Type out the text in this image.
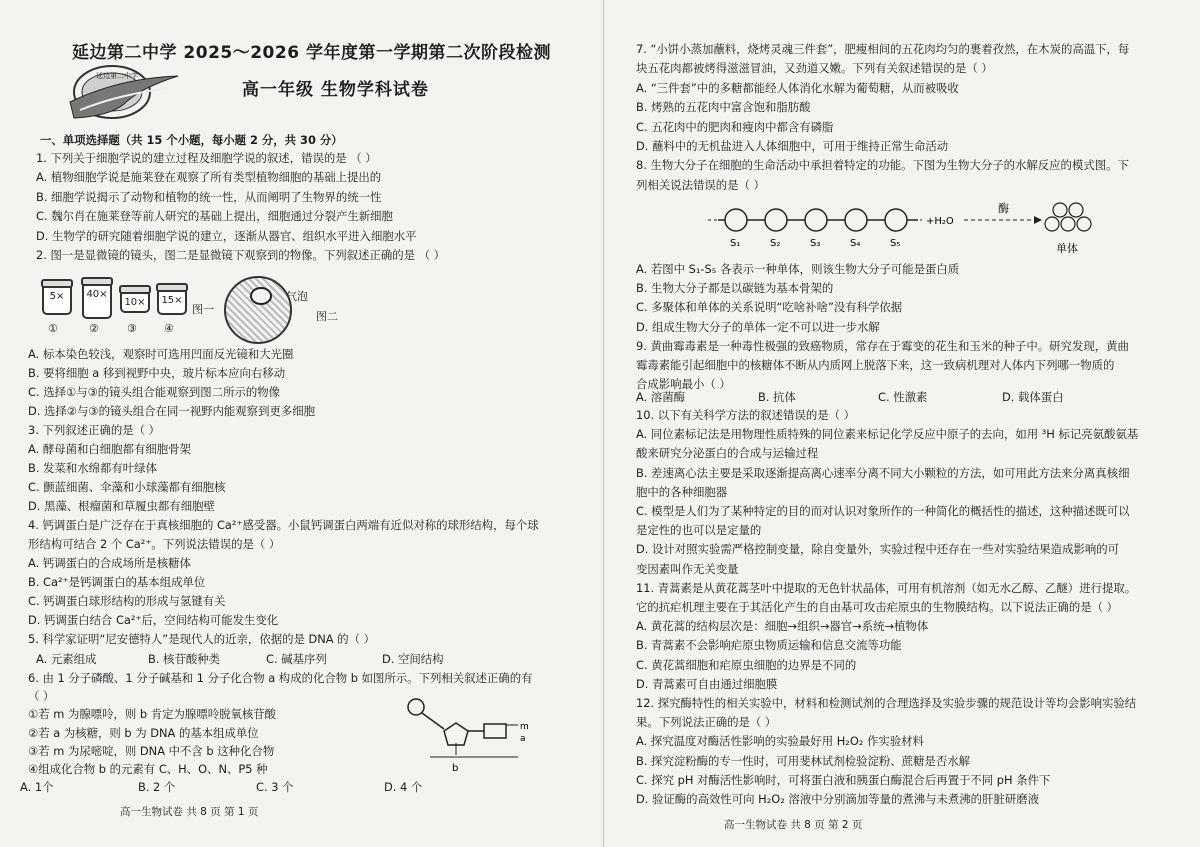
延边第二中学
延边第二中学 2025～2026 学年度第一学期第二次阶段检测
高一年级 生物学科试卷
一、单项选择题（共 15 个小题，每小题 2 分，共 30 分）
1. 下列关于细胞学说的建立过程及细胞学说的叙述，错误的是 （ ）
A. 植物细胞学说是施莱登在观察了所有类型植物细胞的基础上提出的
B. 细胞学说揭示了动物和植物的统一性，从而阐明了生物界的统一性
C. 魏尔肖在施莱登等前人研究的基础上提出，细胞通过分裂产生新细胞
D. 生物学的研究随着细胞学说的建立，逐渐从器官、组织水平进入细胞水平
2. 图一是显微镜的镜头，图二是显微镜下观察到的物像。下列叙述正确的是 （ ）
5×	40×
10×	15×
①	②	③ ④
图一
气泡
图二
A. 标本染色较浅，观察时可选用凹面反光镜和大光圈
B. 要将细胞 a 移到视野中央，玻片标本应向右移动
C. 选择①与③的镜头组合能观察到图二所示的物像
D. 选择②与③的镜头组合在同一视野内能观察到更多细胞
3. 下列叙述正确的是（ ）
A. 酵母菌和白细胞都有细胞骨架
B. 发菜和水绵都有叶绿体
C. 颤蓝细菌、伞藻和小球藻都有细胞核
D. 黑藻、根瘤菌和草履虫都有细胞壁
4. 钙调蛋白是广泛存在于真核细胞的 Ca²⁺感受器。小鼠钙调蛋白两端有近似对称的球形结构，每个球
形结构可结合 2 个 Ca²⁺。下列说法错误的是（ ）
A. 钙调蛋白的合成场所是核糖体
B. Ca²⁺是钙调蛋白的基本组成单位
C. 钙调蛋白球形结构的形成与氢键有关
D. 钙调蛋白结合 Ca²⁺后，空间结构可能发生变化
5. 科学家证明“尼安德特人”是现代人的近亲，依据的是 DNA 的（ ）
A. 元素组成	B. 核苷酸种类	C. 碱基序列	D. 空间结构
6. 由 1 分子磷酸、1 分子碱基和 1 分子化合物 a 构成的化合物 b 如图所示。下列相关叙述正确的有
（ ）
①若 m 为腺嘌呤，则 b 肯定为腺嘌呤脱氧核苷酸
②若 a 为核糖，则 b 为 DNA 的基本组成单位
③若 m 为尿嘧啶，则 DNA 中不含 b 这种化合物
④组成化合物 b 的元素有 C、H、O、N、P5 种
m
a
b
A. 1个	B. 2 个	C. 3 个	D. 4 个
高一生物试卷 共 8 页 第 1 页
7. “小饼小蒸加蘸料，烧烤灵魂三件套”，肥瘦相间的五花肉均匀的裹着孜然，在木炭的高温下，每
块五花肉都被烤得滋滋冒油，又劲道又嫩。下列有关叙述错误的是（ ）
A. “三件套”中的多糖都能经人体消化水解为葡萄糖，从而被吸收
B. 烤熟的五花肉中富含饱和脂肪酸
C. 五花肉中的肥肉和瘦肉中都含有磷脂
D. 蘸料中的无机盐进入人体细胞中，可用于维持正常生命活动
8. 生物大分子在细胞的生命活动中承担着特定的功能。下图为生物大分子的水解反应的模式图。下
列相关说法错误的是（ ）
S₁	S₂	S₃	S₄	S₅
+H₂O
酶
单体
A. 若图中 S₁-S₅ 各表示一种单体，则该生物大分子可能是蛋白质
B. 生物大分子都是以碳链为基本骨架的
C. 多聚体和单体的关系说明“吃啥补啥”没有科学依据
D. 组成生物大分子的单体一定不可以进一步水解
9. 黄曲霉毒素是一种毒性极强的致癌物质，常存在于霉变的花生和玉米的种子中。研究发现，黄曲
霉毒素能引起细胞中的核糖体不断从内质网上脱落下来，这一致病机理对人体内下列哪一物质的
合成影响最小（ ）
A. 溶菌酶	B. 抗体	C. 性激素	D. 载体蛋白
10. 以下有关科学方法的叙述错误的是（ ）
A. 同位素标记法是用物理性质特殊的同位素来标记化学反应中原子的去向，如用 ³H 标记亮氨酸氨基
酸来研究分泌蛋白的合成与运输过程
B. 差速离心法主要是采取逐渐提高离心速率分离不同大小颗粒的方法，如可用此方法来分离真核细
胞中的各种细胞器
C. 模型是人们为了某种特定的目的而对认识对象所作的一种简化的概括性的描述，这种描述既可以
是定性的也可以是定量的
D. 设计对照实验需严格控制变量，除自变量外，实验过程中还存在一些对实验结果造成影响的可
变因素叫作无关变量
11. 青蒿素是从黄花蒿茎叶中提取的无色针状晶体，可用有机溶剂（如无水乙醇、乙醚）进行提取。
它的抗疟机理主要在于其活化产生的自由基可攻击疟原虫的生物膜结构。以下说法正确的是（ ）
A. 黄花蒿的结构层次是：细胞→组织→器官→系统→植物体
B. 青蒿素不会影响疟原虫物质运输和信息交流等功能
C. 黄花蒿细胞和疟原虫细胞的边界是不同的
D. 青蒿素可自由通过细胞膜
12. 探究酶特性的相关实验中，材料和检测试剂的合理选择及实验步骤的规范设计等均会影响实验结
果。下列说法正确的是（ ）
A. 探究温度对酶活性影响的实验最好用 H₂O₂ 作实验材料
B. 探究淀粉酶的专一性时，可用斐林试剂检验淀粉、蔗糖是否水解
C. 探究 pH 对酶活性影响时，可将蛋白液和胰蛋白酶混合后再置于不同 pH 条件下
D. 验证酶的高效性可向 H₂O₂ 溶液中分别滴加等量的煮沸与未煮沸的肝脏研磨液
高一生物试卷 共 8 页 第 2 页
